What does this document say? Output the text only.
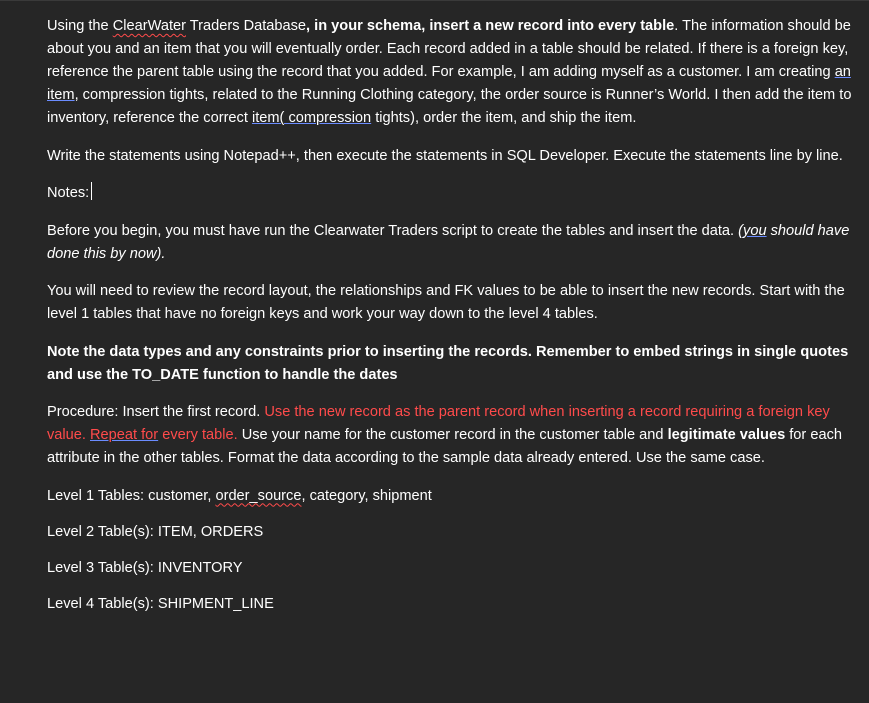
Using the ClearWater Traders Database, in your schema, insert a new record into every table. The information should be about you and an item that you will eventually order. Each record added in a table should be related. If there is a foreign key, reference the parent table using the record that you added. For example, I am adding myself as a customer. I am creating an item, compression tights, related to the Running Clothing category, the order source is Runner’s World. I then add the item to inventory, reference the correct item( compression tights), order the item, and ship the item.

Write the statements using Notepad++, then execute the statements in SQL Developer. Execute the statements line by line.

Notes:

Before you begin, you must have run the Clearwater Traders script to create the tables and insert the data. (you should have done this by now).

You will need to review the record layout, the relationships and FK values to be able to insert the new records. Start with the level 1 tables that have no foreign keys and work your way down to the level 4 tables.

Note the data types and any constraints prior to inserting the records. Remember to embed strings in single quotes and use the TO_DATE function to handle the dates

Procedure: Insert the first record. Use the new record as the parent record when inserting a record requiring a foreign key value. Repeat for every table. Use your name for the customer record in the customer table and legitimate values for each attribute in the other tables. Format the data according to the sample data already entered. Use the same case.

Level 1 Tables: customer, order_source, category, shipment

Level 2 Table(s): ITEM, ORDERS

Level 3 Table(s): INVENTORY

Level 4 Table(s): SHIPMENT_LINE
